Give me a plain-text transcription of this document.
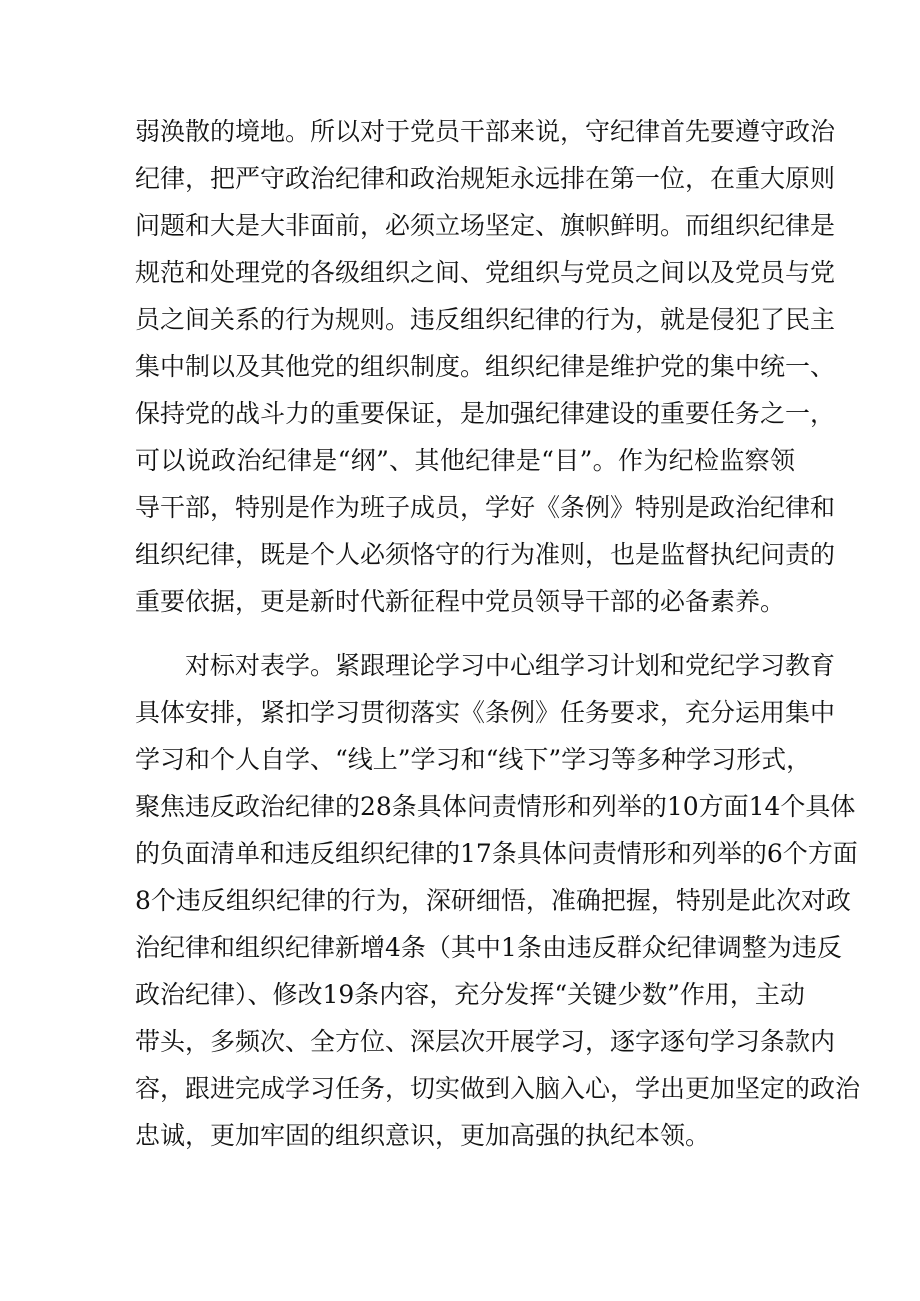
弱涣散的境地。所以对于党员干部来说，守纪律首先要遵守政治
纪律，把严守政治纪律和政治规矩永远排在第一位，在重大原则
问题和大是大非面前，必须立场坚定、旗帜鲜明。而组织纪律是
规范和处理党的各级组织之间、党组织与党员之间以及党员与党
员之间关系的行为规则。违反组织纪律的行为，就是侵犯了民主
集中制以及其他党的组织制度。组织纪律是维护党的集中统一、
保持党的战斗力的重要保证，是加强纪律建设的重要任务之一，
可以说政治纪律是“纲”、其他纪律是“目”。作为纪检监察领
导干部，特别是作为班子成员，学好《条例》特别是政治纪律和
组织纪律，既是个人必须恪守的行为准则，也是监督执纪问责的
重要依据，更是新时代新征程中党员领导干部的必备素养。
对标对表学。紧跟理论学习中心组学习计划和党纪学习教育
具体安排，紧扣学习贯彻落实《条例》任务要求，充分运用集中
学习和个人自学、“线上”学习和“线下”学习等多种学习形式，
聚焦违反政治纪律的28条具体问责情形和列举的10方面14个具体
的负面清单和违反组织纪律的17条具体问责情形和列举的6个方面
8个违反组织纪律的行为，深研细悟，准确把握，特别是此次对政
治纪律和组织纪律新增4条（其中1条由违反群众纪律调整为违反
政治纪律）、修改19条内容，充分发挥“关键少数”作用，主动
带头，多频次、全方位、深层次开展学习，逐字逐句学习条款内
容，跟进完成学习任务，切实做到入脑入心，学出更加坚定的政治
忠诚，更加牢固的组织意识，更加高强的执纪本领。
